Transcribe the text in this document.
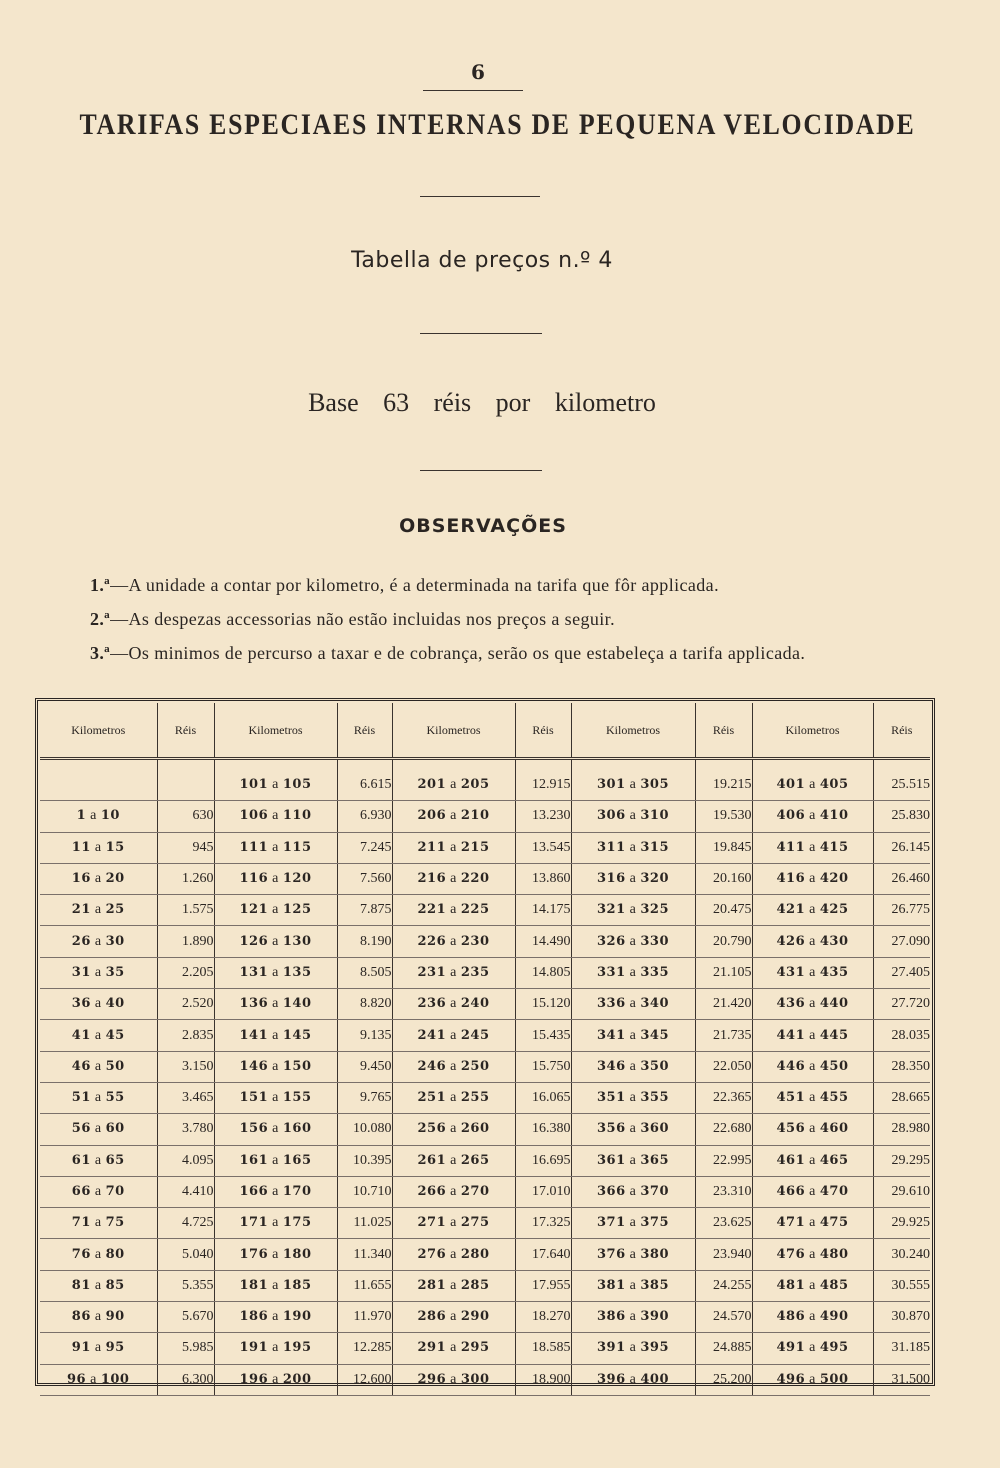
6
TARIFAS ESPECIAES INTERNAS DE PEQUENA VELOCIDADE
Tabella de preços n.º 4
Base 63 réis por kilometro
OBSERVAÇÕES
1.ª—A unidade a contar por kilometro, é a determinada na tarifa que fôr applicada.
2.ª—As despezas accessorias não estão incluidas nos preços a seguir.
3.ª—Os minimos de percurso a taxar e de cobrança, serão os que estabeleça a tarifa applicada.
Kilometros	Réis	Kilometros	Réis	Kilometros	Réis	Kilometros	Réis	Kilometros	Réis

		101 a 105	6.615	201 a 205	12.915	301 a 305	19.215	401 a 405	25.515
1 a 10	630	106 a 110	6.930	206 a 210	13.230	306 a 310	19.530	406 a 410	25.830
11 a 15	945	111 a 115	7.245	211 a 215	13.545	311 a 315	19.845	411 a 415	26.145
16 a 20	1.260	116 a 120	7.560	216 a 220	13.860	316 a 320	20.160	416 a 420	26.460
21 a 25	1.575	121 a 125	7.875	221 a 225	14.175	321 a 325	20.475	421 a 425	26.775
26 a 30	1.890	126 a 130	8.190	226 a 230	14.490	326 a 330	20.790	426 a 430	27.090
31 a 35	2.205	131 a 135	8.505	231 a 235	14.805	331 a 335	21.105	431 a 435	27.405
36 a 40	2.520	136 a 140	8.820	236 a 240	15.120	336 a 340	21.420	436 a 440	27.720
41 a 45	2.835	141 a 145	9.135	241 a 245	15.435	341 a 345	21.735	441 a 445	28.035
46 a 50	3.150	146 a 150	9.450	246 a 250	15.750	346 a 350	22.050	446 a 450	28.350
51 a 55	3.465	151 a 155	9.765	251 a 255	16.065	351 a 355	22.365	451 a 455	28.665
56 a 60	3.780	156 a 160	10.080	256 a 260	16.380	356 a 360	22.680	456 a 460	28.980
61 a 65	4.095	161 a 165	10.395	261 a 265	16.695	361 a 365	22.995	461 a 465	29.295
66 a 70	4.410	166 a 170	10.710	266 a 270	17.010	366 a 370	23.310	466 a 470	29.610
71 a 75	4.725	171 a 175	11.025	271 a 275	17.325	371 a 375	23.625	471 a 475	29.925
76 a 80	5.040	176 a 180	11.340	276 a 280	17.640	376 a 380	23.940	476 a 480	30.240
81 a 85	5.355	181 a 185	11.655	281 a 285	17.955	381 a 385	24.255	481 a 485	30.555
86 a 90	5.670	186 a 190	11.970	286 a 290	18.270	386 a 390	24.570	486 a 490	30.870
91 a 95	5.985	191 a 195	12.285	291 a 295	18.585	391 a 395	24.885	491 a 495	31.185
96 a 100	6.300	196 a 200	12.600	296 a 300	18.900	396 a 400	25.200	496 a 500	31.500
